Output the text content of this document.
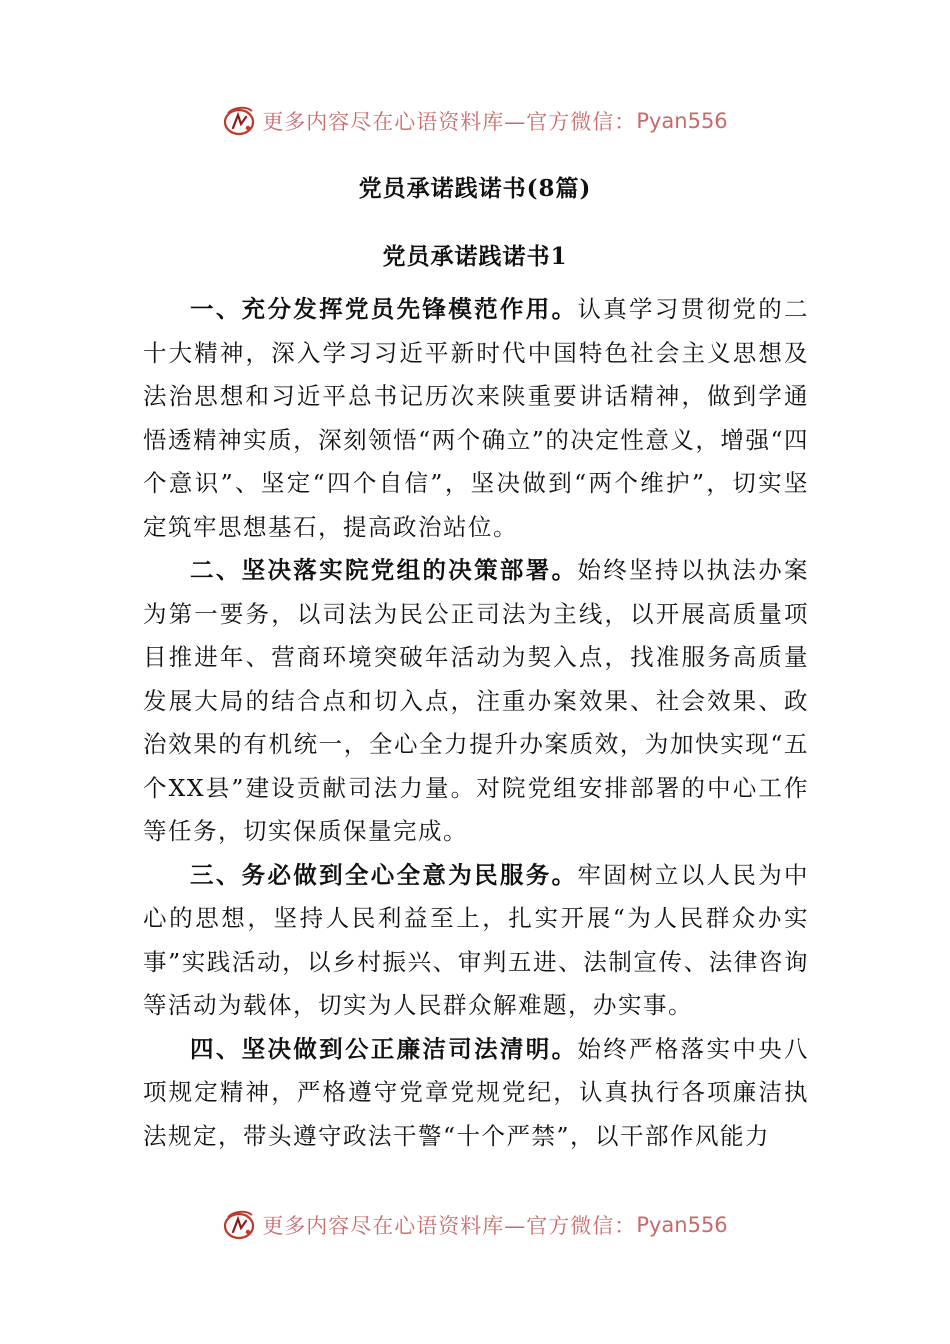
更多内容尽在心语资料库—官方微信： Pyan556
党员承诺践诺书(8篇)
党员承诺践诺书1

一、充分发挥党员先锋模范作用。认真学习贯彻党的二十大精神，深入学习习近平新时代中国特色社会主义思想及法治思想和习近平总书记历次来陕重要讲话精神，做到学通悟透精神实质，深刻领悟“两个确立”的决定性意义，增强“四个意识”、坚定“四个自信”，坚决做到“两个维护”，切实坚定筑牢思想基石，提高政治站位。

二、坚决落实院党组的决策部署。始终坚持以执法办案为第一要务，以司法为民公正司法为主线，以开展高质量项目推进年、营商环境突破年活动为契入点，找准服务高质量发展大局的结合点和切入点，注重办案效果、社会效果、政治效果的有机统一，全心全力提升办案质效，为加快实现“五个XX县”建设贡献司法力量。对院党组安排部署的中心工作等任务，切实保质保量完成。

三、务必做到全心全意为民服务。牢固树立以人民为中心的思想，坚持人民利益至上，扎实开展“为人民群众办实事”实践活动，以乡村振兴、审判五进、法制宣传、法律咨询等活动为载体，切实为人民群众解难题，办实事。

四、坚决做到公正廉洁司法清明。始终严格落实中央八项规定精神，严格遵守党章党规党纪，认真执行各项廉洁执法规定，带头遵守政法干警“十个严禁”，以干部作风能力

更多内容尽在心语资料库—官方微信： Pyan556
